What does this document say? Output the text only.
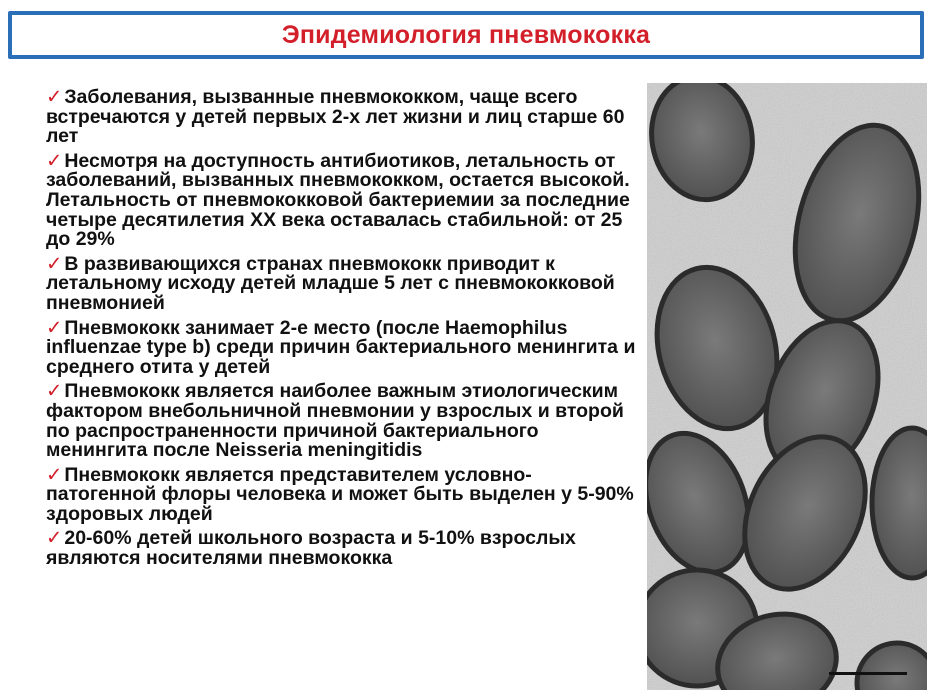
Эпидемиология пневмококка
✓ Заболевания, вызванные пневмококком, чаще всего встречаются у детей первых 2-х лет жизни и лиц старше 60 лет
✓ Несмотря на доступность антибиотиков, летальность от заболеваний, вызванных пневмококком, остается высокой. Летальность от пневмококковой бактериемии за последние четыре десятилетия ХХ века оставалась стабильной: от 25 до 29%
✓ В развивающихся странах пневмококк приводит к летальному исходу детей младше 5 лет с пневмококковой пневмонией
✓ Пневмококк занимает 2-е место (после Haemophilus influenzae type b) среди причин бактериального менингита и среднего отита у детей
✓ Пневмококк является наиболее важным этиологическим фактором внебольничной пневмонии у взрослых и второй по распространенности причиной бактериального менингита после Neisseria meningitidis
✓ Пневмококк является представителем условно-патогенной флоры человека и может быть выделен у 5-90% здоровых людей
✓ 20-60% детей школьного возраста и 5-10% взрослых являются носителями пневмококка
